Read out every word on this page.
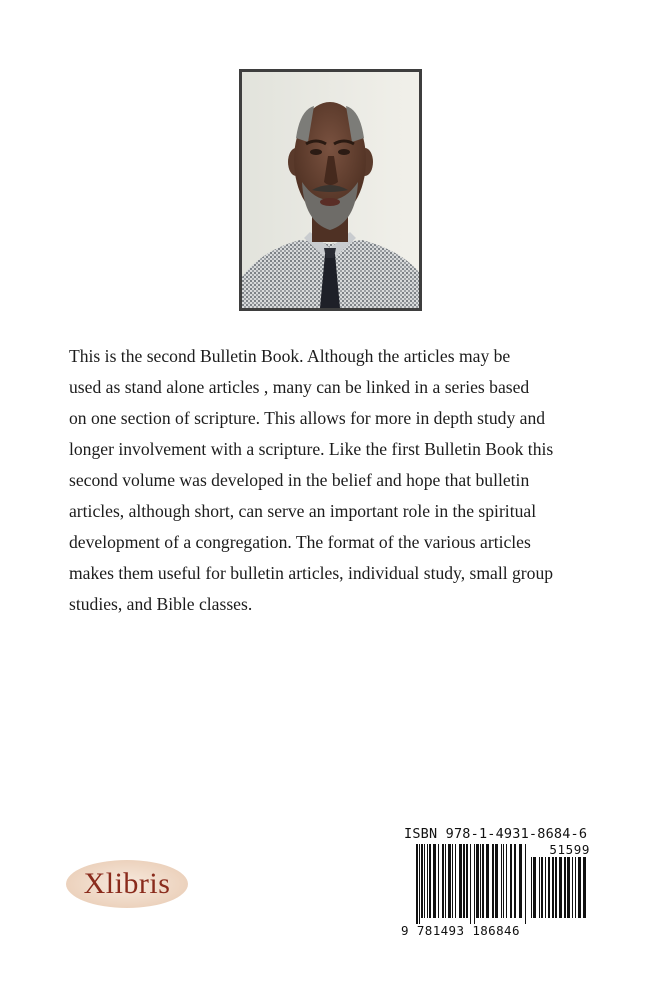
This is the second Bulletin Book. Although the articles may be
used as stand alone articles , many can be linked in a series based
on one section of scripture. This allows for more in depth study and
longer involvement with a scripture. Like the first Bulletin Book this
second volume was developed in the belief and hope that bulletin
articles, although short, can serve an important role in the spiritual
development of a congregation. The format of the various articles
makes them useful for bulletin articles, individual study, small group
studies, and Bible classes.
Xlibris
ISBN 978-1-4931-8684-6
51599
9 781493 186846
